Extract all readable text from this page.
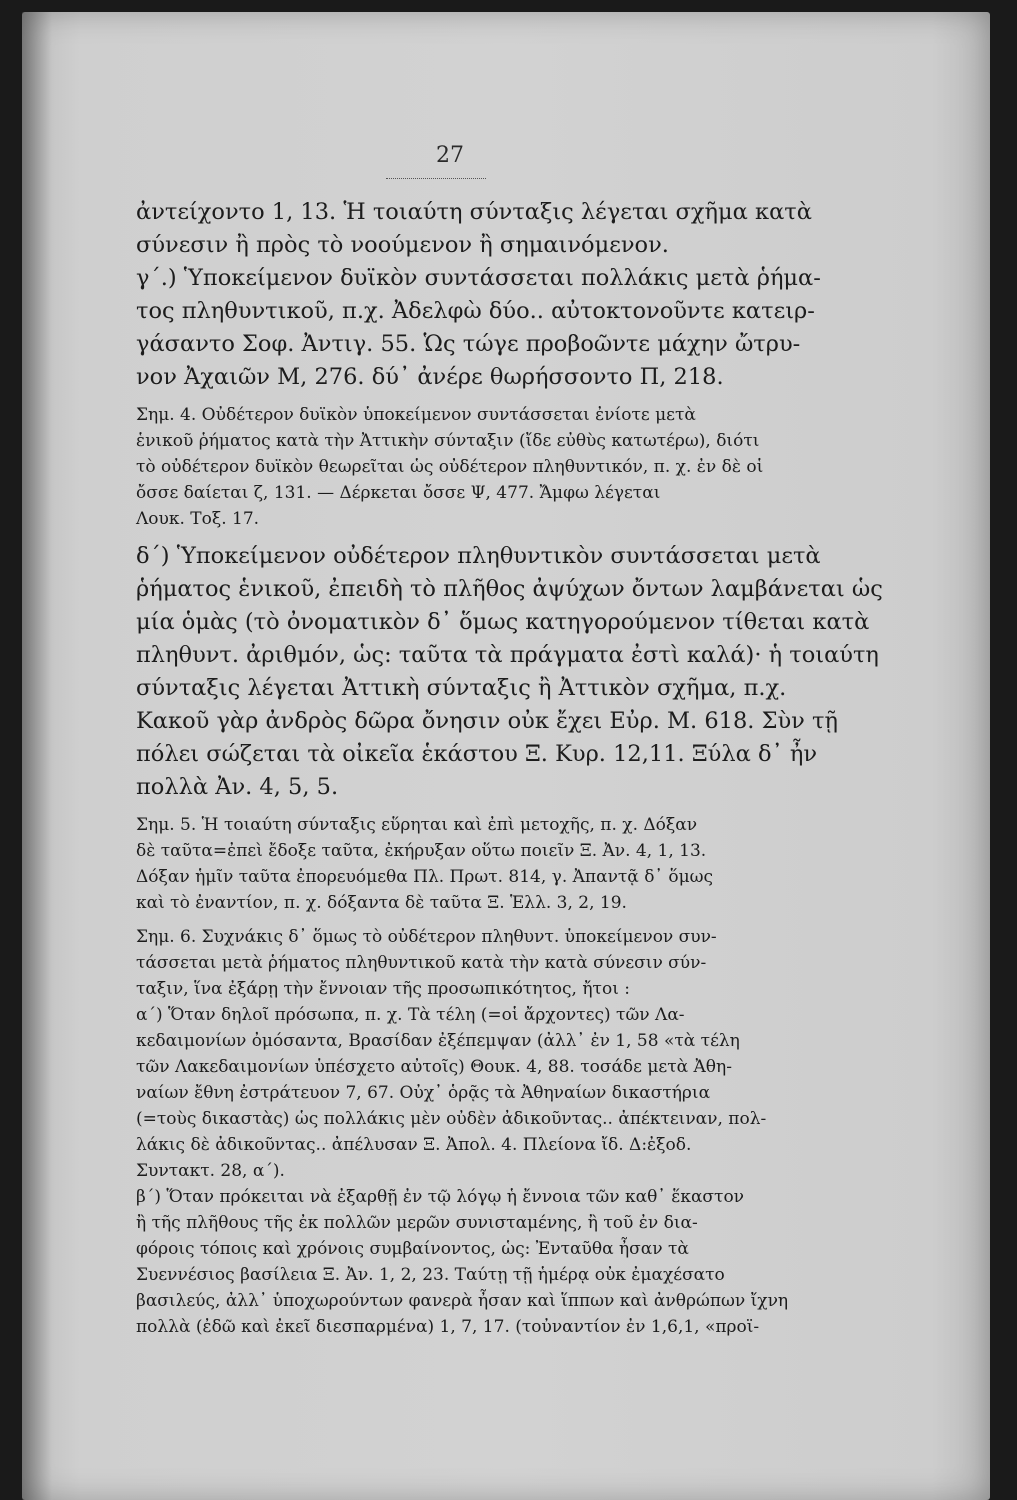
27
ἀντείχοντο 1, 13. Ἡ τοιαύτη σύνταξις λέγεται σχῆμα κατὰ
σύνεσιν ἢ πρὸς τὸ νοούμενον ἢ σημαινόμενον.
γ΄.) Ὑποκείμενον δυϊκὸν συντάσσεται πολλάκις μετὰ ῥήμα-
τος πληθυντικοῦ, π.χ. Ἀδελφὼ δύο.. αὐτοκτονοῦντε κατειρ-
γάσαντο Σοφ. Ἀντιγ. 55. Ὡς τώγε προβοῶντε μάχην ὤτρυ-
νον Ἀχαιῶν Μ, 276. δύ᾽ ἀνέρε θωρήσσοντο Π, 218.
Σημ. 4. Οὐδέτερον δυϊκὸν ὑποκείμενον συντάσσεται ἐνίοτε μετὰ
ἑνικοῦ ῥήματος κατὰ τὴν Ἀττικὴν σύνταξιν (ἴδε εὐθὺς κατωτέρω), διότι
τὸ οὐδέτερον δυϊκὸν θεωρεῖται ὡς οὐδέτερον πληθυντικόν, π. χ. ἐν δὲ οἱ
ὄσσε δαίεται ζ, 131. — Δέρκεται ὄσσε Ψ, 477. Ἄμφω λέγεται
Λουκ. Τοξ. 17.
δ΄) Ὑποκείμενον οὐδέτερον πληθυντικὸν συντάσσεται μετὰ
ῥήματος ἑνικοῦ, ἐπειδὴ τὸ πλῆθος ἀψύχων ὄντων λαμβάνεται ὡς
μία ὁμὰς (τὸ ὀνοματικὸν δ᾽ ὅμως κατηγορούμενον τίθεται κατὰ
πληθυντ. ἀριθμόν, ὡς: ταῦτα τὰ πράγματα ἐστὶ καλά)· ἡ τοιαύτη
σύνταξις λέγεται Ἀττικὴ σύνταξις ἢ Ἀττικὸν σχῆμα, π.χ.
Κακοῦ γὰρ ἀνδρὸς δῶρα ὄνησιν οὐκ ἔχει Εὐρ. Μ. 618. Σὺν τῇ
πόλει σώζεται τὰ οἰκεῖα ἑκάστου Ξ. Κυρ. 12,11. Ξύλα δ᾽ ἦν
πολλὰ Ἀν. 4, 5, 5.
Σημ. 5. Ἡ τοιαύτη σύνταξις εὕρηται καὶ ἐπὶ μετοχῆς, π. χ. Δόξαν
δὲ ταῦτα=ἐπεὶ ἔδοξε ταῦτα, ἐκήρυξαν οὕτω ποιεῖν Ξ. Ἀν. 4, 1, 13.
Δόξαν ἡμῖν ταῦτα ἐπορευόμεθα Πλ. Πρωτ. 814, γ. Ἀπαντᾷ δ᾽ ὅμως
καὶ τὸ ἐναντίον, π. χ. δόξαντα δὲ ταῦτα Ξ. Ἑλλ. 3, 2, 19.
Σημ. 6. Συχνάκις δ᾽ ὅμως τὸ οὐδέτερον πληθυντ. ὑποκείμενον συν-
τάσσεται μετὰ ῥήματος πληθυντικοῦ κατὰ τὴν κατὰ σύνεσιν σύν-
ταξιν, ἵνα ἐξάρῃ τὴν ἔννοιαν τῆς προσωπικότητος, ἤτοι :
α΄) Ὅταν δηλοῖ πρόσωπα, π. χ. Τὰ τέλη (=οἱ ἄρχοντες) τῶν Λα-
κεδαιμονίων ὀμόσαντα, Βρασίδαν ἐξέπεμψαν (ἀλλ᾽ ἐν 1, 58 «τὰ τέλη
τῶν Λακεδαιμονίων ὑπέσχετο αὐτοῖς) Θουκ. 4, 88. τοσάδε μετὰ Ἀθη-
ναίων ἔθνη ἐστράτευον 7, 67. Οὐχ᾽ ὁρᾷς τὰ Ἀθηναίων δικαστήρια
(=τοὺς δικαστὰς) ὡς πολλάκις μὲν οὐδὲν ἀδικοῦντας.. ἀπέκτειναν, πολ-
λάκις δὲ ἀδικοῦντας.. ἀπέλυσαν Ξ. Ἀπολ. 4. Πλείονα ἴδ. Δ:ἐξοδ.
Συντακτ. 28, α΄).
β΄) Ὅταν πρόκειται νὰ ἐξαρθῇ ἐν τῷ λόγῳ ἡ ἔννοια τῶν καθ᾽ ἕκαστον
ἢ τῆς πλῆθους τῆς ἐκ πολλῶν μερῶν συνισταμένης, ἢ τοῦ ἐν δια-
φόροις τόποις καὶ χρόνοις συμβαίνοντος, ὡς: Ἐνταῦθα ἦσαν τὰ
Συεννέσιος βασίλεια Ξ. Ἀν. 1, 2, 23. Ταύτῃ τῇ ἡμέρᾳ οὐκ ἐμαχέσατο
βασιλεύς, ἀλλ᾽ ὑποχωρούντων φανερὰ ἦσαν καὶ ἵππων καὶ ἀνθρώπων ἴχνη
πολλὰ (ἐδῶ καὶ ἐκεῖ διεσπαρμένα) 1, 7, 17. (τοὐναντίον ἐν 1,6,1, «προϊ-
